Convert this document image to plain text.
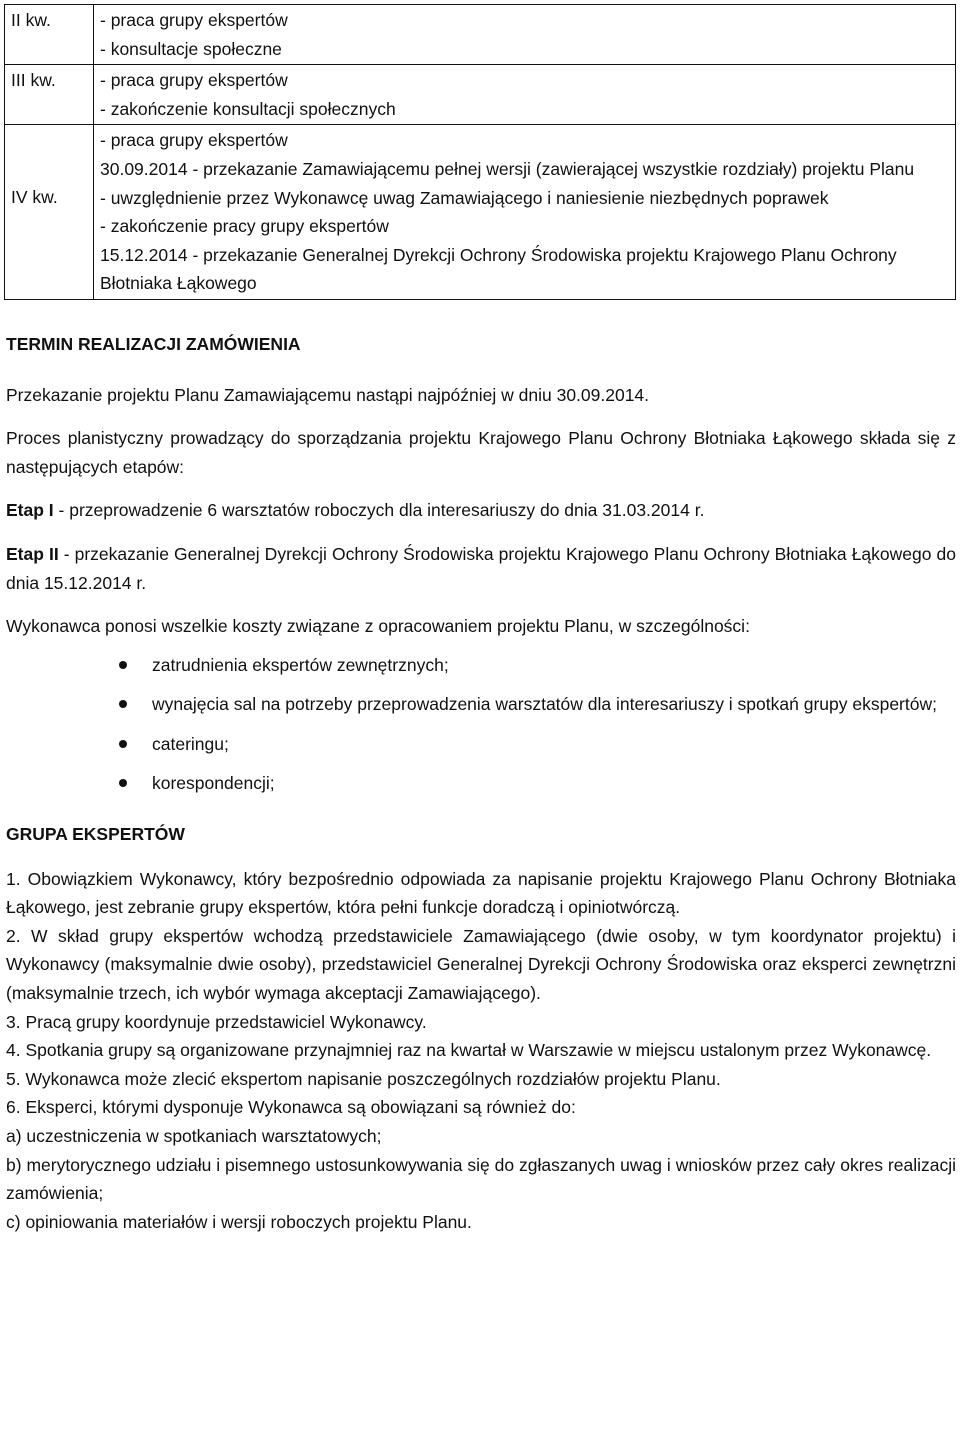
II kw.	- praca grupy ekspertów
- konsultacje społeczne

III kw.	- praca grupy ekspertów
- zakończenie konsultacji społecznych

IV kw.	- praca grupy ekspertów
30.09.2014 - przekazanie Zamawiającemu pełnej wersji (zawierającej wszystkie rozdziały) projektu Planu
- uwzględnienie przez Wykonawcę uwag Zamawiającego i naniesienie niezbędnych poprawek
- zakończenie pracy grupy ekspertów
15.12.2014 - przekazanie Generalnej Dyrekcji Ochrony Środowiska projektu Krajowego Planu Ochrony Błotniaka Łąkowego

TERMIN REALIZACJI ZAMÓWIENIA

Przekazanie projektu Planu Zamawiającemu nastąpi najpóźniej w dniu 30.09.2014.

Proces planistyczny prowadzący do sporządzania projektu Krajowego Planu Ochrony Błotniaka Łąkowego składa się z następujących etapów:

Etap I - przeprowadzenie 6 warsztatów roboczych dla interesariuszy do dnia 31.03.2014 r.

Etap II - przekazanie Generalnej Dyrekcji Ochrony Środowiska projektu Krajowego Planu Ochrony Błotniaka Łąkowego do dnia 15.12.2014 r.

Wykonawca ponosi wszelkie koszty związane z opracowaniem projektu Planu, w szczególności:

zatrudnienia ekspertów zewnętrznych;
wynajęcia sal na potrzeby przeprowadzenia warsztatów dla interesariuszy i spotkań grupy ekspertów;
cateringu;
korespondencji;

GRUPA EKSPERTÓW

1. Obowiązkiem Wykonawcy, który bezpośrednio odpowiada za napisanie projektu Krajowego Planu Ochrony Błotniaka Łąkowego, jest zebranie grupy ekspertów, która pełni funkcje doradczą i opiniotwórczą.

2. W skład grupy ekspertów wchodzą przedstawiciele Zamawiającego (dwie osoby, w tym koordynator projektu) i Wykonawcy (maksymalnie dwie osoby), przedstawiciel Generalnej Dyrekcji Ochrony Środowiska oraz eksperci zewnętrzni (maksymalnie trzech, ich wybór wymaga akceptacji Zamawiającego).

3. Pracą grupy koordynuje przedstawiciel Wykonawcy.

4. Spotkania grupy są organizowane przynajmniej raz na kwartał w Warszawie w miejscu ustalonym przez Wykonawcę.

5. Wykonawca może zlecić ekspertom napisanie poszczególnych rozdziałów projektu Planu.

6. Eksperci, którymi dysponuje Wykonawca są obowiązani są również do:

a) uczestniczenia w spotkaniach warsztatowych;

b) merytorycznego udziału i pisemnego ustosunkowywania się do zgłaszanych uwag i wniosków przez cały okres realizacji zamówienia;

c) opiniowania materiałów i wersji roboczych projektu Planu.
